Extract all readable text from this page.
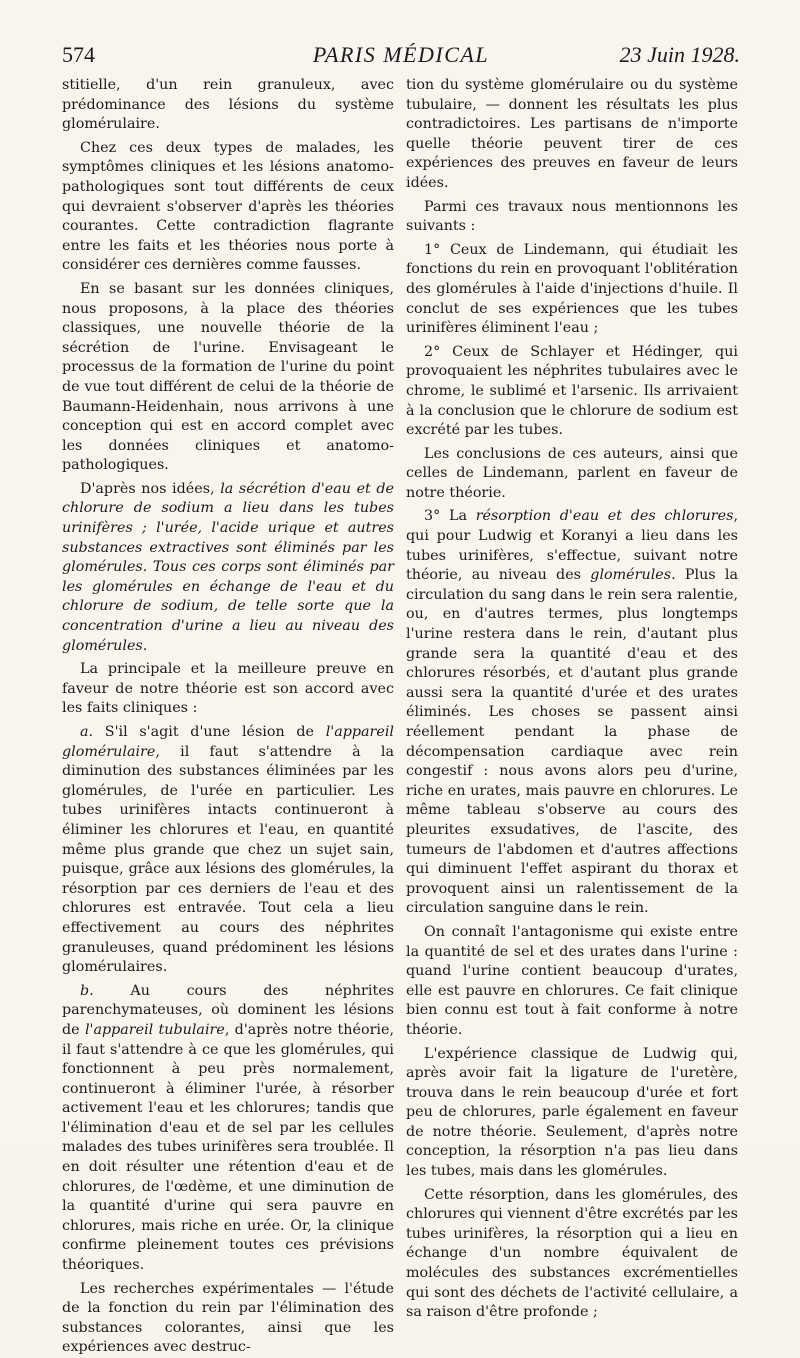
574	PARIS MÉDICAL	23 Juin 1928.

stitielle, d'un rein granuleux, avec prédominance des lésions du système glomérulaire.

Chez ces deux types de malades, les symptômes cliniques et les lésions anatomo-pathologiques sont tout différents de ceux qui devraient s'observer d'après les théories courantes. Cette contradiction flagrante entre les faits et les théories nous porte à considérer ces dernières comme fausses.

En se basant sur les données cliniques, nous proposons, à la place des théories classiques, une nouvelle théorie de la sécrétion de l'urine. Envisageant le processus de la formation de l'urine du point de vue tout différent de celui de la théorie de Baumann-Heidenhain, nous arrivons à une conception qui est en accord complet avec les données cliniques et anatomo-pathologiques.

D'après nos idées, la sécrétion d'eau et de chlorure de sodium a lieu dans les tubes urinifères ; l'urée, l'acide urique et autres substances extractives sont éliminés par les glomérules. Tous ces corps sont éliminés par les glomérules en échange de l'eau et du chlorure de sodium, de telle sorte que la concentration d'urine a lieu au niveau des glomérules.

La principale et la meilleure preuve en faveur de notre théorie est son accord avec les faits cliniques :

a. S'il s'agit d'une lésion de l'appareil glomérulaire, il faut s'attendre à la diminution des substances éliminées par les glomérules, de l'urée en particulier. Les tubes urinifères intacts continueront à éliminer les chlorures et l'eau, en quantité même plus grande que chez un sujet sain, puisque, grâce aux lésions des glomérules, la résorption par ces derniers de l'eau et des chlorures est entravée. Tout cela a lieu effectivement au cours des néphrites granuleuses, quand prédominent les lésions glomérulaires.

b. Au cours des néphrites parenchymateuses, où dominent les lésions de l'appareil tubulaire, d'après notre théorie, il faut s'attendre à ce que les glomérules, qui fonctionnent à peu près normalement, continueront à éliminer l'urée, à résorber activement l'eau et les chlorures; tandis que l'élimination d'eau et de sel par les cellules malades des tubes urinifères sera troublée. Il en doit résulter une rétention d'eau et de chlorures, de l'œdème, et une diminution de la quantité d'urine qui sera pauvre en chlorures, mais riche en urée. Or, la clinique confirme pleinement toutes ces prévisions théoriques.

Les recherches expérimentales — l'étude de la fonction du rein par l'élimination des substances colorantes, ainsi que les expériences avec destruc-

tion du système glomérulaire ou du système tubulaire, — donnent les résultats les plus contradictoires. Les partisans de n'importe quelle théorie peuvent tirer de ces expériences des preuves en faveur de leurs idées.

Parmi ces travaux nous mentionnons les suivants :

1° Ceux de Lindemann, qui étudiait les fonctions du rein en provoquant l'oblitération des glomérules à l'aide d'injections d'huile. Il conclut de ses expériences que les tubes urinifères éliminent l'eau ;

2° Ceux de Schlayer et Hédinger, qui provoquaient les néphrites tubulaires avec le chrome, le sublimé et l'arsenic. Ils arrivaient à la conclusion que le chlorure de sodium est excrété par les tubes.

Les conclusions de ces auteurs, ainsi que celles de Lindemann, parlent en faveur de notre théorie.

3° La résorption d'eau et des chlorures, qui pour Ludwig et Koranyi a lieu dans les tubes urinifères, s'effectue, suivant notre théorie, au niveau des glomérules. Plus la circulation du sang dans le rein sera ralentie, ou, en d'autres termes, plus longtemps l'urine restera dans le rein, d'autant plus grande sera la quantité d'eau et des chlorures résorbés, et d'autant plus grande aussi sera la quantité d'urée et des urates éliminés. Les choses se passent ainsi réellement pendant la phase de décompensation cardiaque avec rein congestif : nous avons alors peu d'urine, riche en urates, mais pauvre en chlorures. Le même tableau s'observe au cours des pleurites exsudatives, de l'ascite, des tumeurs de l'abdomen et d'autres affections qui diminuent l'effet aspirant du thorax et provoquent ainsi un ralentissement de la circulation sanguine dans le rein.

On connaît l'antagonisme qui existe entre la quantité de sel et des urates dans l'urine : quand l'urine contient beaucoup d'urates, elle est pauvre en chlorures. Ce fait clinique bien connu est tout à fait conforme à notre théorie.

L'expérience classique de Ludwig qui, après avoir fait la ligature de l'uretère, trouva dans le rein beaucoup d'urée et fort peu de chlorures, parle également en faveur de notre théorie. Seulement, d'après notre conception, la résorption n'a pas lieu dans les tubes, mais dans les glomérules.

Cette résorption, dans les glomérules, des chlorures qui viennent d'être excrétés par les tubes urinifères, la résorption qui a lieu en échange d'un nombre équivalent de molécules des substances excrémentielles qui sont des déchets de l'activité cellulaire, a sa raison d'être profonde ;
